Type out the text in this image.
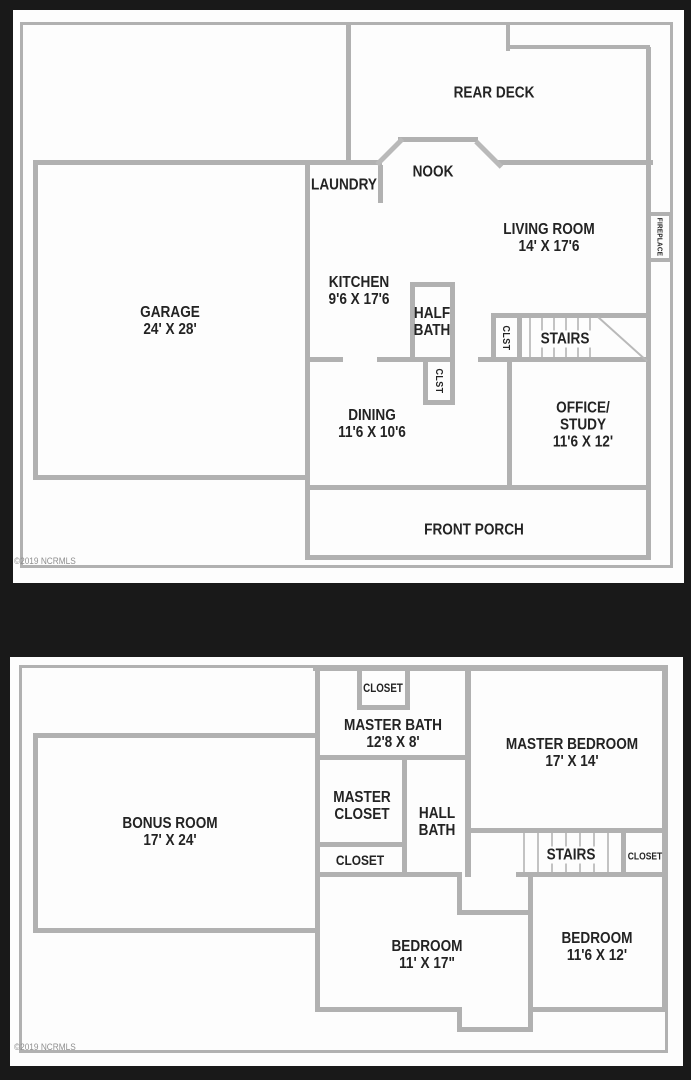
REAR DECK
NOOK
LAUNDRY
LIVING ROOM
14' X 17'6
KITCHEN
9'6 X 17'6
GARAGE
24' X 28'
HALF
BATH	STAIRS
CLST
CLST
DINING
11'6 X 10'6
OFFICE/
STUDY
11'6 X 12'
FRONT PORCH
FIREPLACE
©2019 NCRMLS
CLOSET
MASTER BATH
12'8 X 8'	MASTER BEDROOM
17' X 14'
MASTER
CLOSET HALL
BATH
BONUS ROOM
17' X 24'
CLOSET	STAIRS	CLOSET
BEDROOM
11' X 17"
BEDROOM
11'6 X 12'
©2019 NCRMLS
